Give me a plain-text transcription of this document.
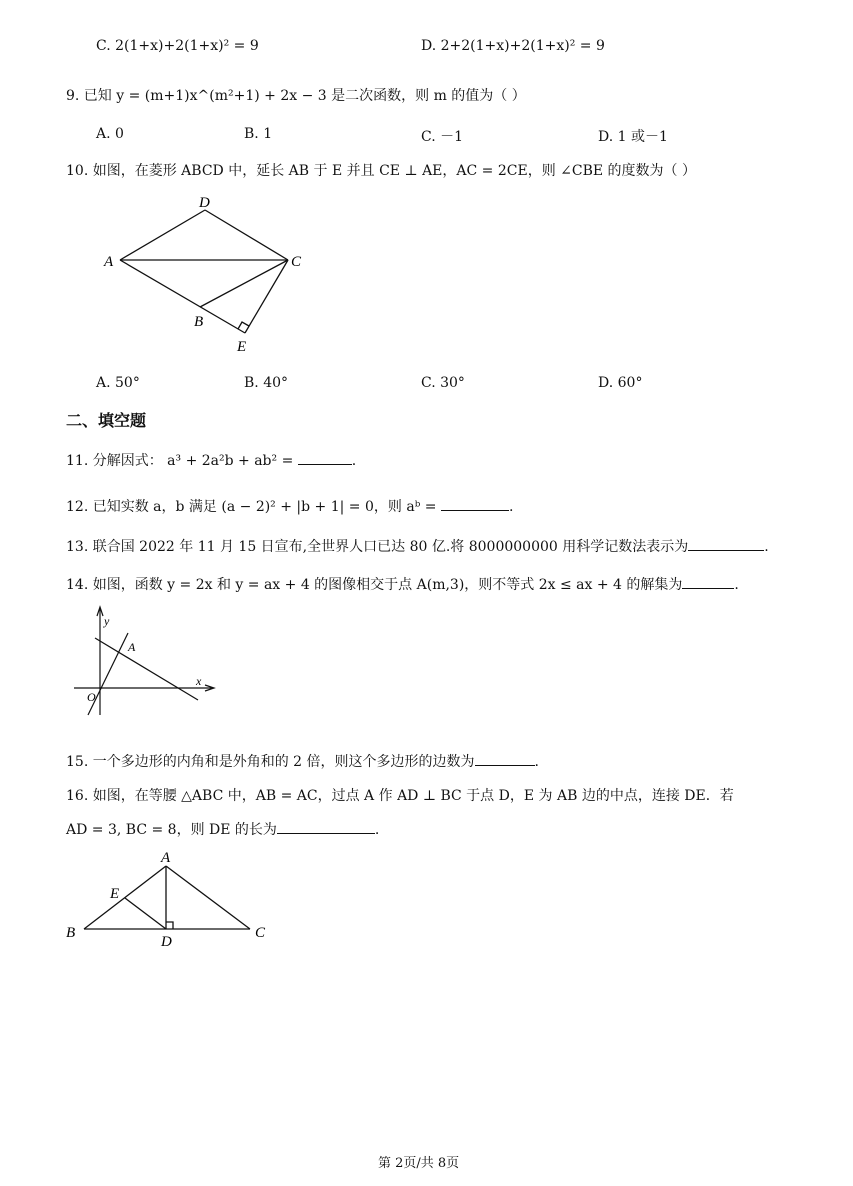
C. 2(1+x)+2(1+x)² = 9	D. 2+2(1+x)+2(1+x)² = 9
9. 已知 y = (m+1)x^(m²+1) + 2x − 3 是二次函数，则 m 的值为（ ）
A. 0	B. 1	C. －1	D. 1 或－1
10. 如图，在菱形 ABCD 中，延长 AB 于 E 并且 CE ⊥ AE，AC = 2CE，则 ∠CBE 的度数为（ ）
D
A	C
B
E
A. 50°	B. 40°	C. 30°	D. 60°
二、填空题
11. 分解因式： a³ + 2a²b + ab² =	.
12. 已知实数 a，b 满足 (a − 2)² + |b + 1| = 0，则 aᵇ =	.
13. 联合国 2022 年 11 月 15 日宣布,全世界人口已达 80 亿.将 8000000000 用科学记数法表示为	.
14. 如图，函数 y = 2x 和 y = ax + 4 的图像相交于点 A(m,3)，则不等式 2x ≤ ax + 4 的解集为	.
y
A
x
O
15. 一个多边形的内角和是外角和的 2 倍，则这个多边形的边数为	.
16. 如图，在等腰 △ABC 中，AB = AC，过点 A 作 AD ⊥ BC 于点 D，E 为 AB 边的中点，连接 DE．若
AD = 3, BC = 8，则 DE 的长为	.
A
E
B
D
C
第 2页/共 8页
